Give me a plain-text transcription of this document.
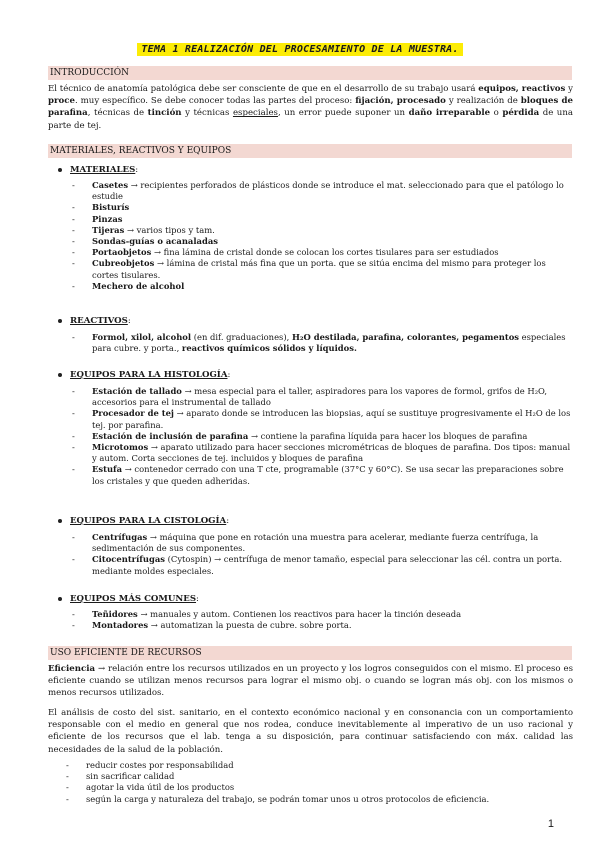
TEMA 1 REALIZACIÓN DEL PROCESAMIENTO DE LA MUESTRA.
INTRODUCCIÓN
El técnico de anatomía patológica debe ser consciente de que en el desarrollo de su trabajo usará equipos, reactivos y proce. muy específico. Se debe conocer todas las partes del proceso: fijación, procesado y realización de bloques de parafina, técnicas de tinción y técnicas especiales, un error puede suponer un daño irreparable o pérdida de una parte de tej.
MATERIALES, REACTIVOS Y EQUIPOS
MATERIALES:
- Casetes → recipientes perforados de plásticos donde se introduce el mat. seleccionado para que el patólogo lo estudie
- Bisturís
- Pinzas
- Tijeras → varios tipos y tam.
- Sondas-guías o acanaladas
- Portaobjetos → fina lámina de cristal donde se colocan los cortes tisulares para ser estudiados
- Cubreobjetos → lámina de cristal más fina que un porta. que se sitúa encima del mismo para proteger los cortes tisulares.
- Mechero de alcohol
REACTIVOS:
- Formol, xilol, alcohol (en dif. graduaciones), H₂O destilada, parafina, colorantes, pegamentos especiales para cubre. y porta., reactivos químicos sólidos y líquidos.
EQUIPOS PARA LA HISTOLOGÍA:
- Estación de tallado → mesa especial para el taller, aspiradores para los vapores de formol, grifos de H₂O, accesorios para el instrumental de tallado
- Procesador de tej → aparato donde se introducen las biopsias, aquí se sustituye progresivamente el H₂O de los tej. por parafina.
- Estación de inclusión de parafina → contiene la parafina líquida para hacer los bloques de parafina
- Microtomos → aparato utilizado para hacer secciones micrométricas de bloques de parafina. Dos tipos: manual y autom. Corta secciones de tej. incluidos y bloques de parafina
- Estufa → contenedor cerrado con una T cte, programable (37°C y 60°C). Se usa secar las preparaciones sobre los cristales y que queden adheridas.
EQUIPOS PARA LA CISTOLOGÍA:
- Centrífugas → máquina que pone en rotación una muestra para acelerar, mediante fuerza centrífuga, la sedimentación de sus componentes.
- Citocentrífugas (Cytospin) → centrífuga de menor tamaño, especial para seleccionar las cél. contra un porta. mediante moldes especiales.
EQUIPOS MÁS COMUNES:
- Teñidores → manuales y autom. Contienen los reactivos para hacer la tinción deseada
- Montadores → automatizan la puesta de cubre. sobre porta.
USO EFICIENTE DE RECURSOS
Eficiencia → relación entre los recursos utilizados en un proyecto y los logros conseguidos con el mismo. El proceso es eficiente cuando se utilizan menos recursos para lograr el mismo obj. o cuando se logran más obj. con los mismos o menos recursos utilizados.
El análisis de costo del sist. sanitario, en el contexto económico nacional y en consonancia con un comportamiento responsable con el medio en general que nos rodea, conduce inevitablemente al imperativo de un uso racional y eficiente de los recursos que el lab. tenga a su disposición, para continuar satisfaciendo con máx. calidad las necesidades de la salud de la población.
- reducir costes por responsabilidad
- sin sacrificar calidad
- agotar la vida útil de los productos
- según la carga y naturaleza del trabajo, se podrán tomar unos u otros protocolos de eficiencia.
1
